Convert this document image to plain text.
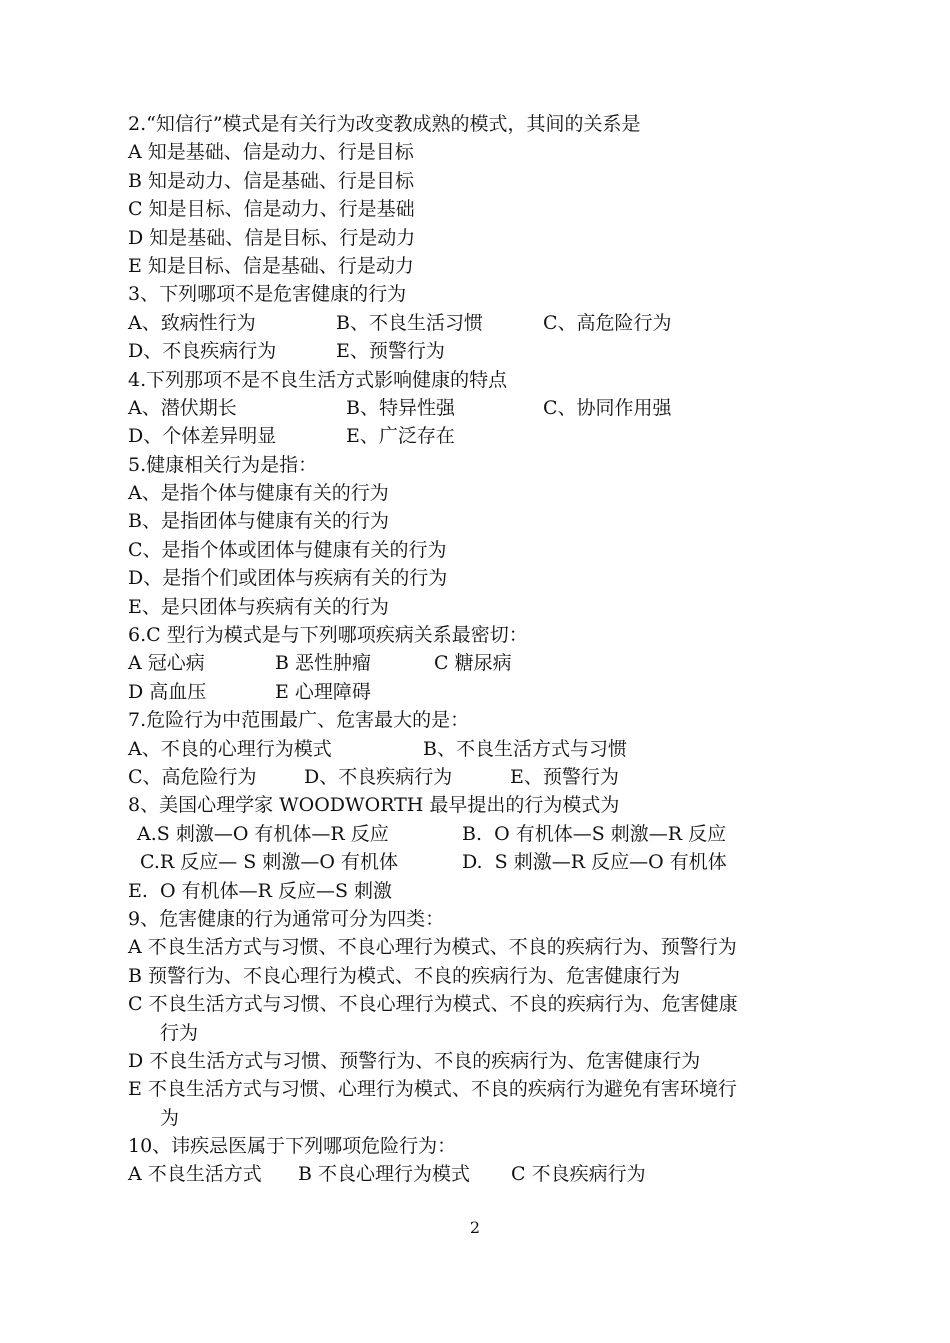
2.“知信行”模式是有关行为改变教成熟的模式，其间的关系是
A 知是基础、信是动力、行是目标
B 知是动力、信是基础、行是目标
C 知是目标、信是动力、行是基础
D 知是基础、信是目标、行是动力
E 知是目标、信是基础、行是动力
3、下列哪项不是危害健康的行为

A、致病性行为

	B、不良生活习惯

	C、高危险行为

D、不良疾病行为

	E、预警行为

4.下列那项不是不良生活方式影响健康的特点

A、潜伏期长

	B、特异性强

	C、协同作用强

D、个体差异明显

	E、广泛存在

5.健康相关行为是指：
A、是指个体与健康有关的行为
B、是指团体与健康有关的行为
C、是指个体或团体与健康有关的行为
D、是指个们或团体与疾病有关的行为
E、是只团体与疾病有关的行为
6.C 型行为模式是与下列哪项疾病关系最密切：

A 冠心病

	B 恶性肿瘤

	C 糖尿病

D 高血压

	E 心理障碍

7.危险行为中范围最广、危害最大的是：

A、不良的心理行为模式

	B、不良生活方式与习惯

C、高危险行为

D、不良疾病行为

	E、预警行为

8、美国心理学家 WOODWORTH 最早提出的行为模式为

A.S 刺激—O 有机体—R 反应

	B.  O 有机体—S 刺激—R 反应

C.R 反应— S 刺激—O 有机体

	D.  S 刺激—R 反应—O 有机体

E.  O 有机体—R 反应—S 刺激
9、危害健康的行为通常可分为四类：
A 不良生活方式与习惯、不良心理行为模式、不良的疾病行为、预警行为
B 预警行为、不良心理行为模式、不良的疾病行为、危害健康行为
C 不良生活方式与习惯、不良心理行为模式、不良的疾病行为、危害健康
行为
D 不良生活方式与习惯、预警行为、不良的疾病行为、危害健康行为
E 不良生活方式与习惯、心理行为模式、不良的疾病行为避免有害环境行
为
10、讳疾忌医属于下列哪项危险行为：

A 不良生活方式

B 不良心理行为模式

C 不良疾病行为

2
